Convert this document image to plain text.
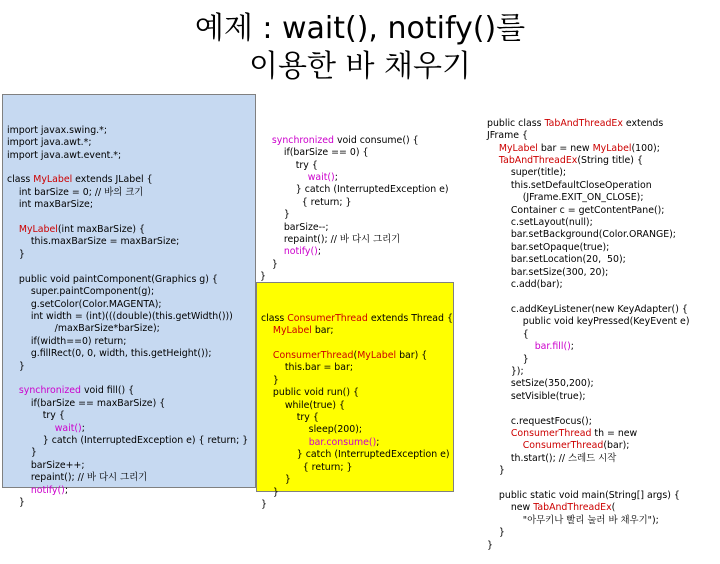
예제 : wait(), notify()를
이용한 바 채우기

import javax.swing.*;
import java.awt.*;
import java.awt.event.*;

class MyLabel extends JLabel {
int barSize = 0; // 바의 크기
int maxBarSize;

MyLabel(int maxBarSize) {
this.maxBarSize = maxBarSize;
}

public void paintComponent(Graphics g) {
super.paintComponent(g);
g.setColor(Color.MAGENTA);
int width = (int)(((double)(this.getWidth()))
/maxBarSize*barSize);
if(width==0) return;
g.fillRect(0, 0, width, this.getHeight());
}

synchronized void fill() {
if(barSize == maxBarSize) {
try {
wait();
} catch (InterruptedException e) { return; }
}
barSize++;
repaint(); // 바 다시 그리기
notify();
}

synchronized void consume() {
if(barSize == 0) {
try {
wait();
} catch (InterruptedException e)
{ return; }
}
barSize--;
repaint(); // 바 다시 그리기
notify();
}
}

class ConsumerThread extends Thread {
MyLabel bar;

ConsumerThread(MyLabel bar) {
this.bar = bar;
}
public void run() {
while(true) {
try {
sleep(200);
bar.consume();
} catch (InterruptedException e)
{ return; }
}
}
}

public class TabAndThreadEx extends
JFrame {
MyLabel bar = new MyLabel(100);
TabAndThreadEx(String title) {
super(title);
this.setDefaultCloseOperation
(JFrame.EXIT_ON_CLOSE);
Container c = getContentPane();
c.setLayout(null);
bar.setBackground(Color.ORANGE);
bar.setOpaque(true);
bar.setLocation(20,  50);
bar.setSize(300, 20);
c.add(bar);

c.addKeyListener(new KeyAdapter() {
public void keyPressed(KeyEvent e)
{
bar.fill();
}
});
setSize(350,200);
setVisible(true);

c.requestFocus();
ConsumerThread th = new
ConsumerThread(bar);
th.start(); // 스레드 시작
}

public static void main(String[] args) {
new TabAndThreadEx(
"아무키나 빨리 눌러 바 채우기");
}
}
